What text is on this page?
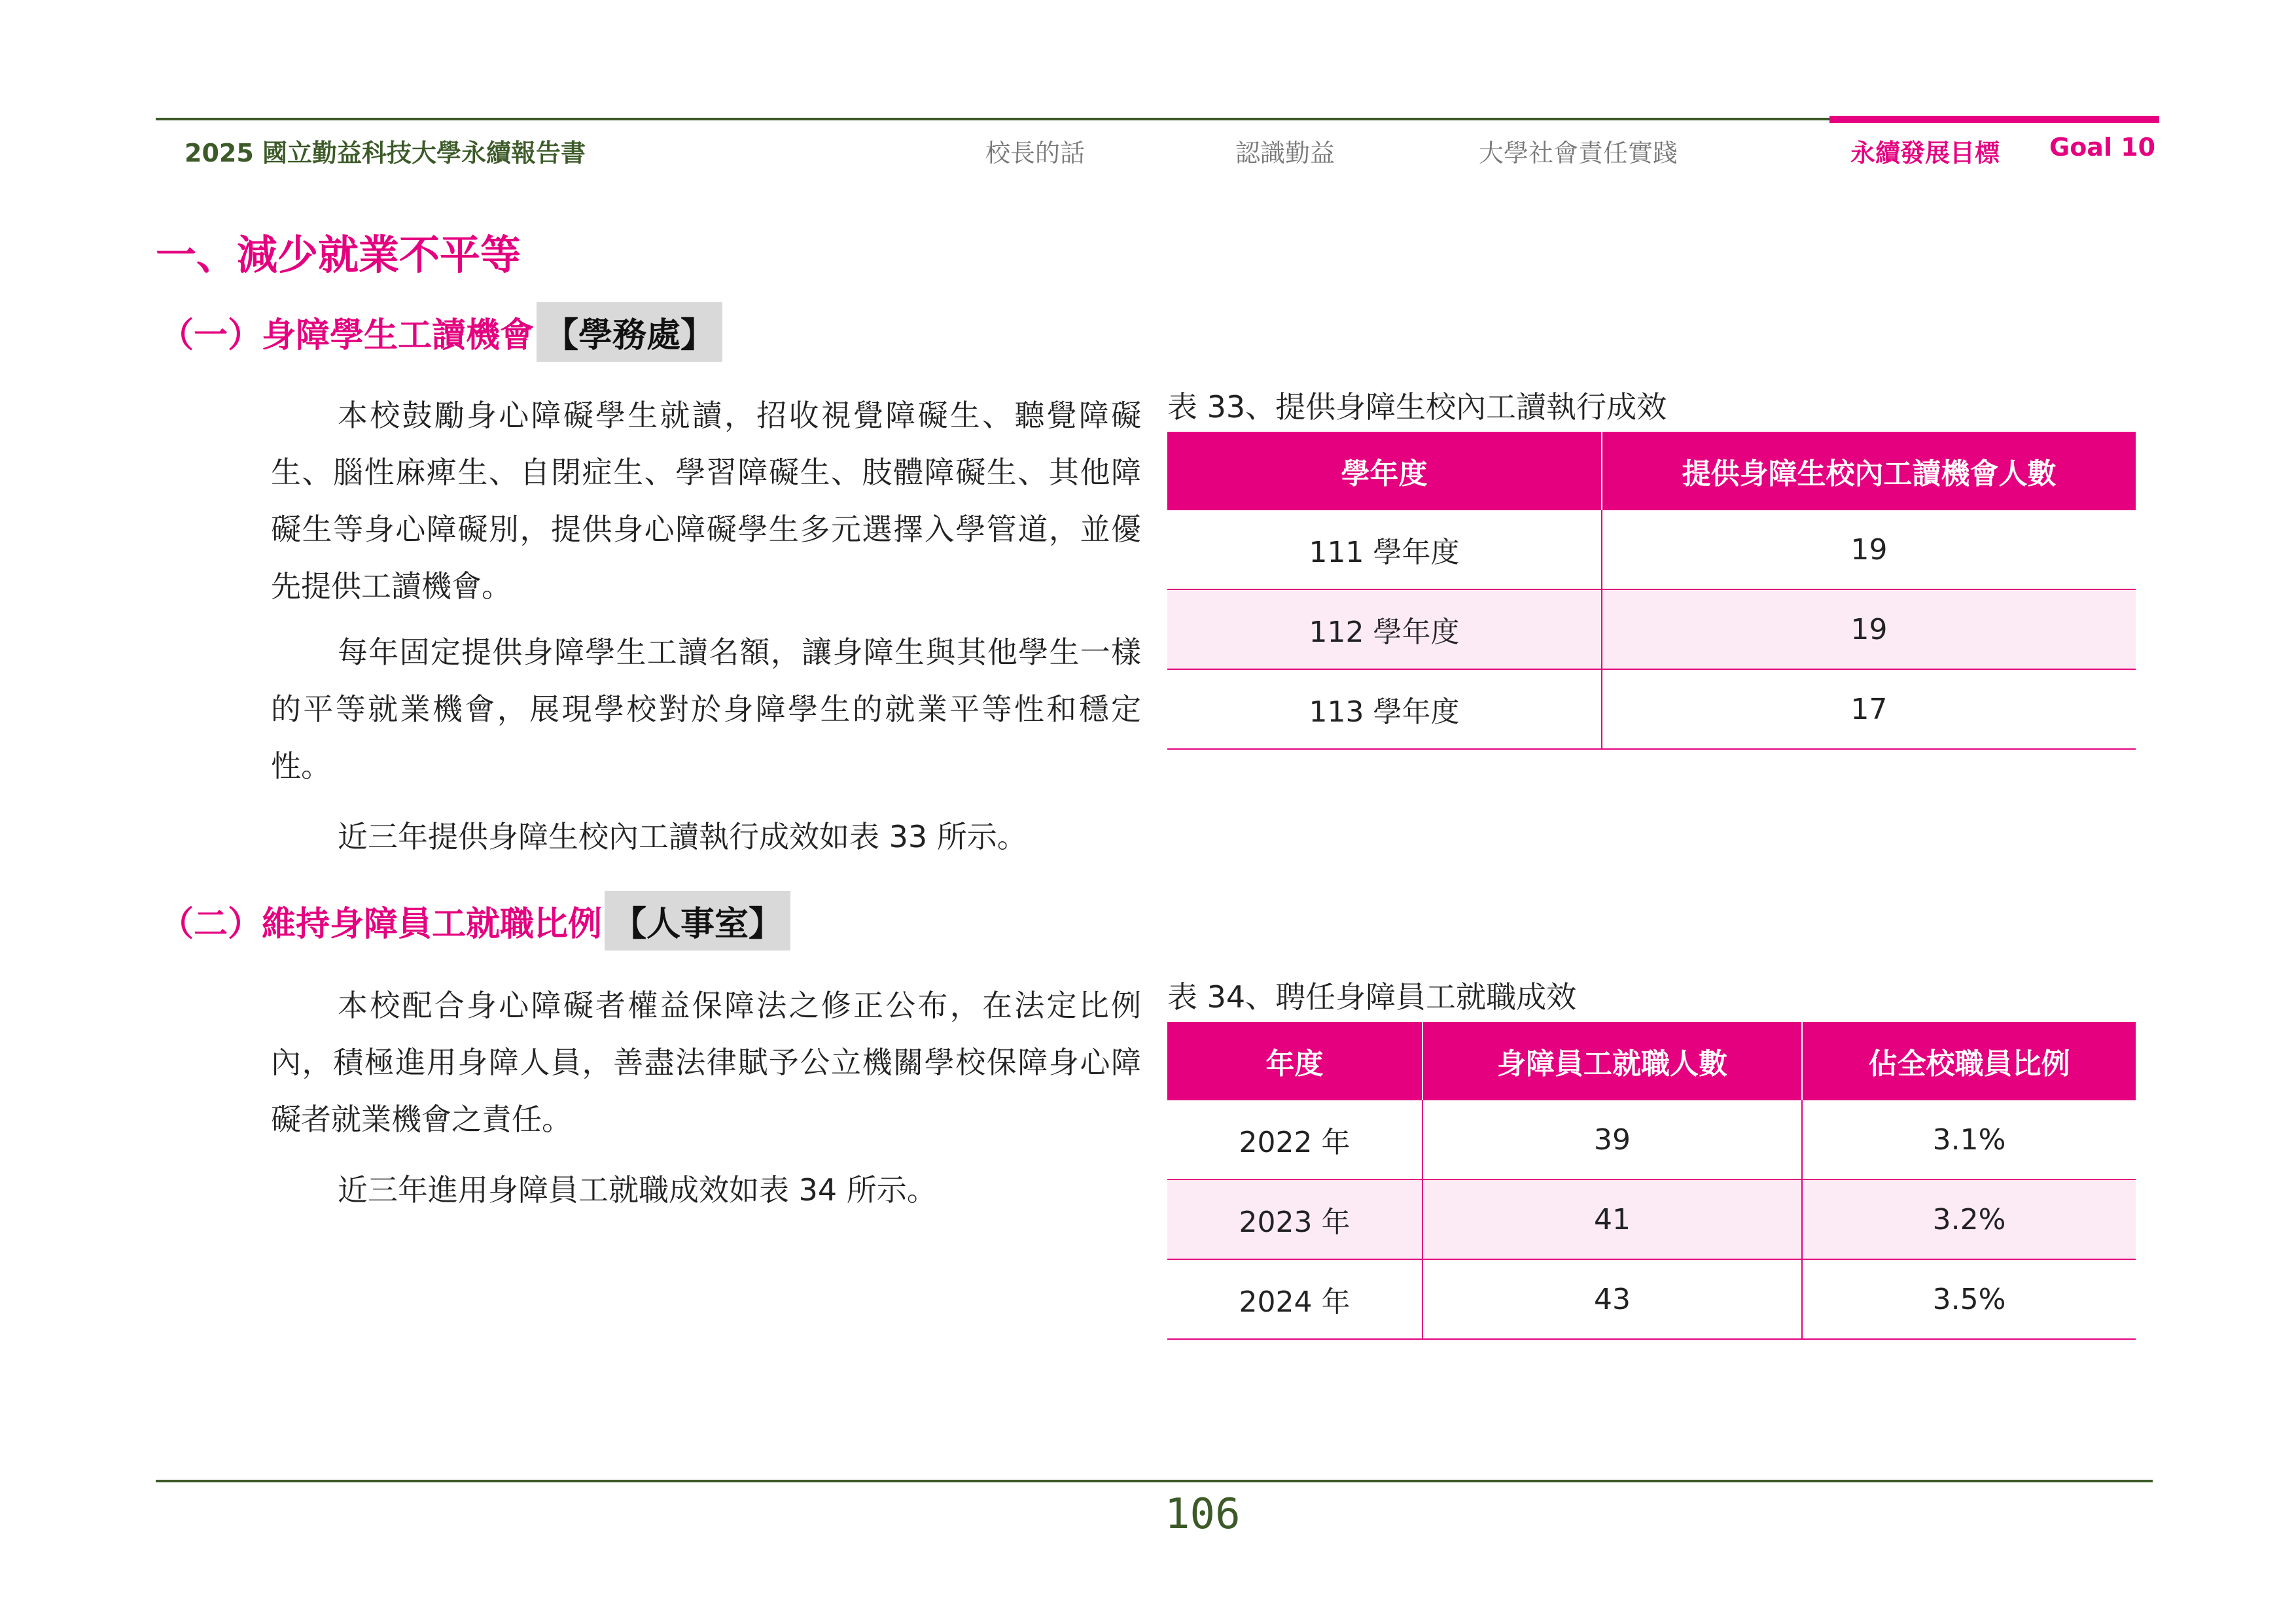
2025 國立勤益科技大學永續報告書	校長的話	認識勤益	大學社會責任實踐	永續發展目標 Goal 10
一、減少就業不平等
（一）身障學生工讀機會 【學務處】

本校鼓勵身心障礙學生就讀，招收視覺障礙生、聽覺障礙生、腦性麻痺生、自閉症生、學習障礙生、肢體障礙生、其他障礙生等身心障礙別，提供身心障礙學生多元選擇入學管道，並優先提供工讀機會。

每年固定提供身障學生工讀名額，讓身障生與其他學生一樣的平等就業機會，展現學校對於身障學生的就業平等性和穩定性。

近三年提供身障生校內工讀執行成效如表 33 所示。

（二）維持身障員工就職比例 【人事室】

本校配合身心障礙者權益保障法之修正公布，在法定比例內，積極進用身障人員，善盡法律賦予公立機關學校保障身心障礙者就業機會之責任。

近三年進用身障員工就職成效如表 34 所示。

表 33、提供身障生校內工讀執行成效
學年度	提供身障生校內工讀機會人數
111 學年度	19
112 學年度	19
113 學年度	17
表 34、聘任身障員工就職成效
年度	身障員工就職人數	佔全校職員比例
2022 年	39	3.1%
2023 年	41	3.2%
2024 年	43	3.5%
106
